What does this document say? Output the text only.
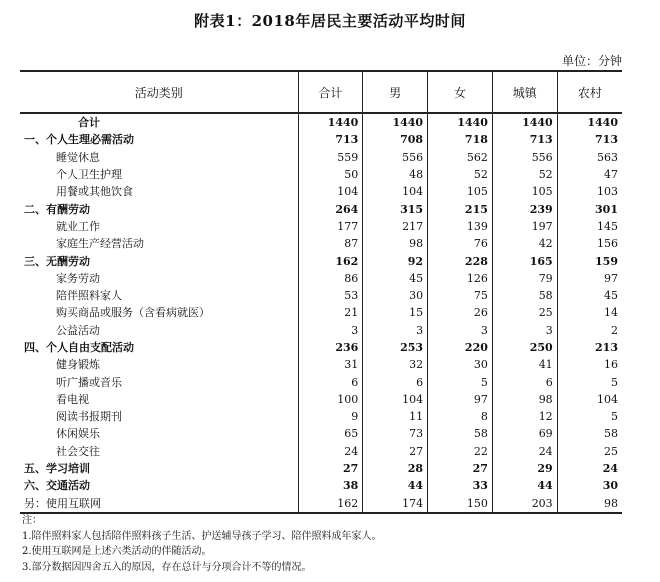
附表1：2018年居民主要活动平均时间
单位：分钟
活动类别	合计	男	女	城镇	农村
合计	1440	1440	1440	1440	1440
一、个人生理必需活动	713	708	718	713	713
睡觉休息	559	556	562	556	563
个人卫生护理	50	48	52	52	47
用餐或其他饮食	104	104	105	105	103
二、有酬劳动	264	315	215	239	301
就业工作	177	217	139	197	145
家庭生产经营活动	87	98	76	42	156
三、无酬劳动	162	92	228	165	159
家务劳动	86	45	126	79	97
陪伴照料家人	53	30	75	58	45
购买商品或服务（含看病就医）	21	15	26	25	14
公益活动	3	3	3	3	2
四、个人自由支配活动	236	253	220	250	213
健身锻炼	31	32	30	41	16
听广播或音乐	6	6	5	6	5
看电视	100	104	97	98	104
阅读书报期刊	9	11	8	12	5
休闲娱乐	65	73	58	69	58
社会交往	24	27	22	24	25
五、学习培训	27	28	27	29	24
六、交通活动	38	44	33	44	30
另：使用互联网	162	174	150	203	98
注：
1.陪伴照料家人包括陪伴照料孩子生活、护送辅导孩子学习、陪伴照料成年家人。
2.使用互联网是上述六类活动的伴随活动。
3.部分数据因四舍五入的原因，存在总计与分项合计不等的情况。
